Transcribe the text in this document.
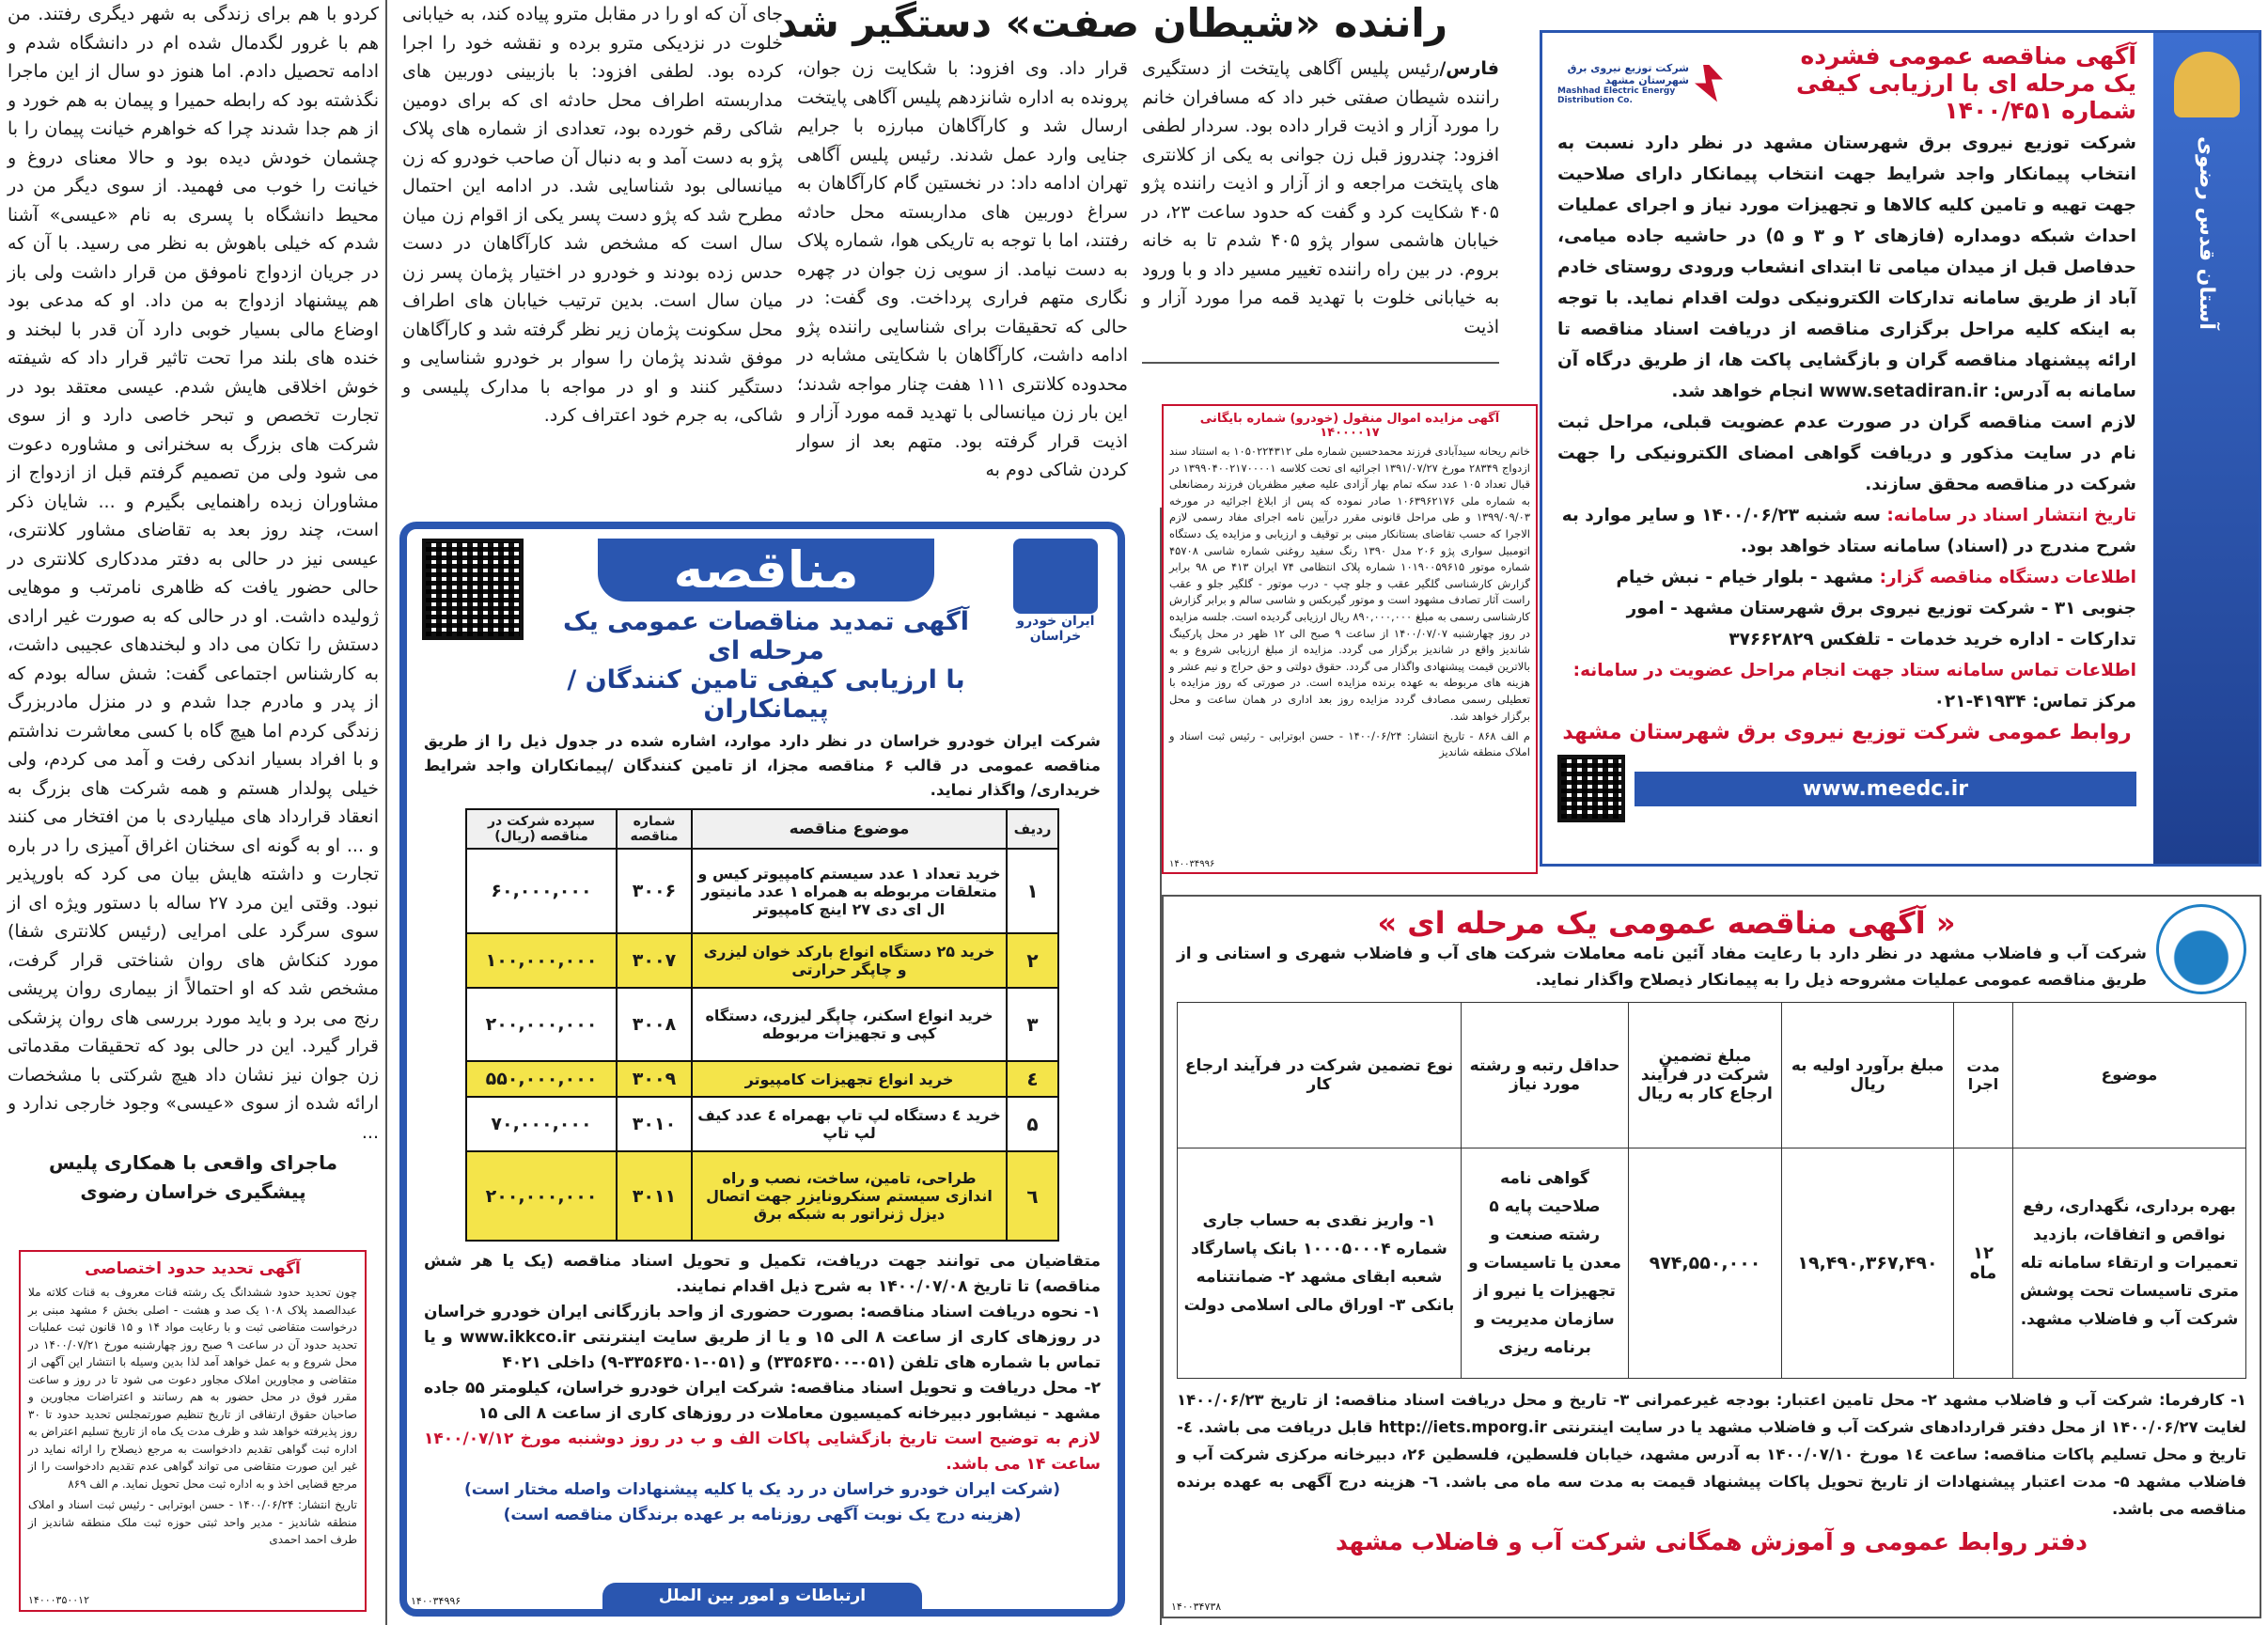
کردو با هم برای زندگی به شهر دیگری رفتند. من هم با غرور لگدمال شده ام در دانشگاه شدم و ادامه تحصیل دادم. اما هنوز دو سال از این ماجرا نگذشته بود که رابطه حمیرا و پیمان به هم خورد و از هم جدا شدند چرا که خواهرم خیانت پیمان را با چشمان خودش دیده بود و حالا معنای دروغ و خیانت را خوب می فهمید. از سوی دیگر من در محیط دانشگاه با پسری به نام «عیسی» آشنا شدم که خیلی باهوش به نظر می رسید. با آن که در جریان ازدواج ناموفق من قرار داشت ولی باز هم پیشنهاد ازدواج به من داد. او که مدعی بود اوضاع مالی بسیار خوبی دارد آن قدر با لبخند و خنده های بلند مرا تحت تاثیر قرار داد که شیفته خوش اخلاقی هایش شدم. عیسی معتقد بود در تجارت تخصص و تبحر خاصی دارد و از سوی شرکت های بزرگ به سخنرانی و مشاوره دعوت می شود ولی من تصمیم گرفتم قبل از ازدواج از مشاوران زبده راهنمایی بگیرم و ... شایان ذکر است، چند روز بعد به تقاضای مشاور کلانتری، عیسی نیز در حالی به دفتر مددکاری کلانتری در حالی حضور یافت که ظاهری نامرتب و موهایی ژولیده داشت. او در حالی که به صورت غیر ارادی دستش را تکان می داد و لبخندهای عجیبی داشت، به کارشناس اجتماعی گفت: شش ساله بودم که از پدر و مادرم جدا شدم و در منزل مادربزرگ زندگی کردم اما هیچ گاه با کسی معاشرت نداشتم و با افراد بسیار اندکی رفت و آمد می کردم، ولی خیلی پولدار هستم و همه شرکت های بزرگ به انعقاد قرارداد های میلیاردی با من افتخار می کنند و ... او به گونه ای سخنان اغراق آمیزی را در باره تجارت و داشته هایش بیان می کرد که باورپذیر نبود. وقتی این مرد ۲۷ ساله با دستور ویژه ای از سوی سرگرد علی امرایی (رئیس کلانتری شفا) مورد کنکاش های روان شناختی قرار گرفت، مشخص شد که او احتمالاً از بیماری روان پریشی رنج می برد و باید مورد بررسی های روان پزشکی قرار گیرد. این در حالی بود که تحقیقات مقدماتی زن جوان نیز نشان داد هیچ شرکتی با مشخصات ارائه شده از سوی «عیسی» وجود خارجی ندارد و ...

ماجرای واقعی با همکاری پلیس پیشگیری خراسان رضوی

آگهی تحدید حدود اختصاصی
چون تحدید حدود ششدانگ یک رشته قنات معروف به قنات کلاته ملا عبدالصمد پلاک ۱۰۸ یک صد و هشت - اصلی بخش ۶ مشهد مبنی بر درخواست متقاضی ثبت و با رعایت مواد ۱۴ و ۱۵ قانون ثبت عملیات تحدید حدود آن در ساعت ۹ صبح روز چهارشنبه مورخ ۱۴۰۰/۰۷/۲۱ در محل شروع و به عمل خواهد آمد لذا بدین وسیله با انتشار این آگهی از متقاضی و مجاورین املاک مجاور دعوت می شود تا در روز و ساعت مقرر فوق در محل حضور به هم رسانند و اعتراضات مجاورین و صاحبان حقوق ارتفاقی از تاریخ تنظیم صورتمجلس تحدید حدود تا ۳۰ روز پذیرفته خواهد شد و ظرف مدت یک ماه از تاریخ تسلیم اعتراض به اداره ثبت گواهی تقدیم دادخواست به مرجع ذیصلاح را ارائه نماید در غیر این صورت متقاضی می تواند گواهی عدم تقدیم دادخواست را از مرجع قضایی اخذ و به اداره ثبت محل تحویل نماید. م الف ۸۶۹
تاریخ انتشار: ۱۴۰۰/۰۶/۲۴ - حسن ابوترابی - رئیس ثبت اسناد و املاک منطقه شاندیز - مدیر واحد ثبتی حوزه ثبت ملک منطقه شاندیز از طرف احمد احمدی
۱۴۰۰۰۳۵۰۰۱۲
راننده «شیطان صفت» دستگیر شد
فارس/رئیس پلیس آگاهی پایتخت از دستگیری راننده شیطان صفتی خبر داد که مسافران خانم را مورد آزار و اذیت قرار داده بود. سردار لطفی افزود: چندروز قبل زن جوانی به یکی از کلانتری های پایتخت مراجعه و از آزار و اذیت راننده پژو ۴۰۵ شکایت کرد و گفت که حدود ساعت ۲۳، در خیابان هاشمی سوار پژو ۴۰۵ شدم تا به خانه بروم. در بین راه راننده تغییر مسیر داد و با ورود به خیابانی خلوت با تهدید قمه مرا مورد آزار و اذیت
قرار داد. وی افزود: با شکایت زن جوان، پرونده به اداره شانزدهم پلیس آگاهی پایتخت ارسال شد و کارآگاهان مبارزه با جرایم جنایی وارد عمل شدند. رئیس پلیس آگاهی تهران ادامه داد: در نخستین گام کارآگاهان به سراغ دوربین های مداربسته محل حادثه رفتند، اما با توجه به تاریکی هوا، شماره پلاک به دست نیامد. از سویی زن جوان در چهره نگاری متهم فراری پرداخت. وی گفت: در حالی که تحقیقات برای شناسایی راننده پژو ادامه داشت، کارآگاهان با شکایتی مشابه در محدوده کلانتری ۱۱۱ هفت چنار مواجه شدند؛ این بار زن میانسالی با تهدید قمه مورد آزار و اذیت قرار گرفته بود. متهم بعد از سوار کردن شاکی دوم به
جای آن که او را در مقابل مترو پیاده کند، به خیابانی خلوت در نزدیکی مترو برده و نقشه خود را اجرا کرده بود. لطفی افزود: با بازبینی دوربین های مداربسته اطراف محل حادثه ای که برای دومین شاکی رقم خورده بود، تعدادی از شماره های پلاک پژو به دست آمد و به دنبال آن صاحب خودرو که زن میانسالی بود شناسایی شد. در ادامه این احتمال مطرح شد که پژو دست پسر یکی از اقوام زن میان سال است که مشخص شد کارآگاهان در دست حدس زده بودند و خودرو در اختیار پژمان پسر زن میان سال است. بدین ترتیب خیابان های اطراف محل سکونت پژمان زیر نظر گرفته شد و کارآگاهان موفق شدند پژمان را سوار بر خودرو شناسایی و دستگیر کنند و او در مواجه با مدارک پلیسی و شاکی، به جرم خود اعتراف کرد.
آستان قدس رضوی
آگهی مناقصه عمومی فشرده
یک مرحله ای با ارزیابی کیفی شماره ۱۴۰۰/۴۵۱
شرکت توزیع نیروی برق شهرستان مشهد
Mashhad Electric Energy Distribution Co.
شرکت توزیع نیروی برق شهرستان مشهد در نظر دارد نسبت به انتخاب پیمانکار واجد شرایط جهت انتخاب پیمانکار دارای صلاحیت جهت تهیه و تامین کلیه کالاها و تجهیزات مورد نیاز و اجرای عملیات احداث شبکه دومداره (فازهای ۲ و ۳ و ۵) در حاشیه جاده میامی، حدفاصل قبل از میدان میامی تا ابتدای انشعاب ورودی روستای خادم آباد از طریق سامانه تدارکات الکترونیکی دولت اقدام نماید. با توجه به اینکه کلیه مراحل برگزاری مناقصه از دریافت اسناد مناقصه تا ارائه پیشنهاد مناقصه گران و بازگشایی پاکت ها، از طریق درگاه آن سامانه به آدرس: www.setadiran.ir انجام خواهد شد.
لازم است مناقصه گران در صورت عدم عضویت قبلی، مراحل ثبت نام در سایت مذکور و دریافت گواهی امضای الکترونیکی را جهت شرکت در مناقصه محقق سازند.
تاریخ انتشار اسناد در سامانه: سه شنبه ۱۴۰۰/۰۶/۲۳ و سایر موارد به شرح مندرج در (اسناد) سامانه ستاد خواهد بود.
اطلاعات دستگاه مناقصه گزار: مشهد - بلوار خیام - نبش خیام جنوبی ۳۱ - شرکت توزیع نیروی برق شهرستان مشهد - امور تدارکات - اداره خرید خدمات - تلفکس ۳۷۶۶۲۸۲۹
اطلاعات تماس سامانه ستاد جهت انجام مراحل عضویت در سامانه:
مرکز تماس: ۴۱۹۳۴-۰۲۱
روابط عمومی شرکت توزیع نیروی برق شهرستان مشهد
www.meedc.ir
آگهی مزایده اموال منقول (خودرو) شماره بایگانی ۱۴۰۰۰۰۱۷
خانم ریحانه سیدآبادی فرزند محمدحسین شماره ملی ۱۰۵۰۲۲۴۳۱۲ به استناد سند ازدواج ۲۸۳۴۹ مورخ ۱۳۹۱/۰۷/۲۷ اجرائیه ای تحت کلاسه ۱۳۹۹۰۴۰۰۲۱۷۰۰۰۰۱ در قبال تعداد ۱۰۵ عدد سکه تمام بهار آزادی علیه صغیر مظفریان فرزند رمضانعلی به شماره ملی ۱۰۶۳۹۶۲۱۷۶ صادر نموده که پس از ابلاغ اجرائیه در مورخه ۱۳۹۹/۰۹/۰۳ و طی مراحل قانونی مقرر درآیین نامه اجرای مفاد رسمی لازم الاجرا که حسب تقاضای بستانکار مبنی بر توقیف و ارزیابی و مزایده یک دستگاه اتومبیل سواری پژو ۲۰۶ مدل ۱۳۹۰ رنگ سفید روغنی شماره شاسی ۴۵۷۰۸ شماره موتور ۱۰۱۹۰۰۵۹۶۱۵ شماره پلاک انتظامی ۷۴ ایران ۴۱۳ ص ۹۸ برابر گزارش کارشناسی گلگیر عقب و جلو چپ - درب موتور - گلگیر جلو و عقب راست آثار تصادف مشهود است و موتور گیربکس و شاسی سالم و برابر گزارش کارشناسی رسمی به مبلغ ۸۹۰,۰۰۰,۰۰۰ ریال ارزیابی گردیده است. جلسه مزایده در روز چهارشنبه ۱۴۰۰/۰۷/۰۷ از ساعت ۹ صبح الی ۱۲ ظهر در محل پارکینگ شاندیز واقع در شاندیز برگزار می گردد. مزایده از مبلغ ارزیابی شروع و به بالاترین قیمت پیشنهادی واگذار می گردد. حقوق دولتی و حق حراج و نیم عشر و هزینه های مربوطه به عهده برنده مزایده است. در صورتی که روز مزایده با تعطیلی رسمی مصادف گردد مزایده روز بعد اداری در همان ساعت و محل برگزار خواهد شد.
م الف ۸۶۸ - تاریخ انتشار: ۱۴۰۰/۰۶/۲۴ - حسن ابوترابی - رئیس ثبت اسناد و املاک منطقه شاندیز
۱۴۰۰۳۴۹۹۶
ایران خودرو خراسان
مناقصه
آگهی تمدید مناقصات عمومی یک مرحله ای
با ارزیابی کیفی تامین کنندگان / پیمانکاران
شرکت ایران خودرو خراسان در نظر دارد موارد، اشاره شده در جدول ذیل را از طریق مناقصه عمومی در قالب ۶ مناقصه مجزا، از تامین کنندگان /پیمانکاران واجد شرایط خریداری/ واگذار نماید.
ردیف	موضوع مناقصه	شماره مناقصه	سپرده شرکت در مناقصه (ریال)
۱	خرید تعداد ۱ عدد سیستم کامپیوتر کیس و متعلقات مربوطه به همراه ۱ عدد مانیتور ال ای دی ۲۷ اینچ کامپیوتر	۳۰۰۶	۶۰,۰۰۰,۰۰۰
۲	خرید ۲۵ دستگاه انواع بارکد خوان لیزری و چاپگر حرارتی	۳۰۰۷	۱۰۰,۰۰۰,۰۰۰
۳	خرید انواع اسکنر، چاپگر لیزری، دستگاه کپی و تجهیزات مربوطه	۳۰۰۸	۲۰۰,۰۰۰,۰۰۰
٤	خرید انواع تجهیزات کامپیوتر	۳۰۰۹	۵۵۰,۰۰۰,۰۰۰
۵	خرید ٤ دستگاه لپ تاپ بهمراه ٤ عدد کیف لپ تاپ	۳۰۱۰	۷۰,۰۰۰,۰۰۰
٦	طراحی، تامین، ساخت، نصب و راه اندازی سیستم سنکرونایزر جهت اتصال دیزل ژنراتور به شبکه برق	۳۰۱۱	۲۰۰,۰۰۰,۰۰۰
متقاضیان می توانند جهت دریافت، تکمیل و تحویل اسناد مناقصه (یک یا هر شش مناقصه) تا تاریخ ۱۴۰۰/۰۷/۰۸ به شرح ذیل اقدام نمایند.
۱- نحوه دریافت اسناد مناقصه: بصورت حضوری از واحد بازرگانی ایران خودرو خراسان در روزهای کاری از ساعت ۸ الی ۱۵ و یا از طریق سایت اینترنتی www.ikkco.ir و یا تماس با شماره های تلفن (۰۵۱-۳۳۵۶۳۵۰۰) و (۰۵۱-۳۳۵۶۳۵۰۱-۹) داخلی ۴۰۲۱
۲- محل دریافت و تحویل اسناد مناقصه: شرکت ایران خودرو خراسان، کیلومتر ۵۵ جاده مشهد - نیشابور دبیرخانه کمیسیون معاملات در روزهای کاری از ساعت ۸ الی ۱۵
لازم به توضیح است تاریخ بازگشایی پاکات الف و ب در روز دوشنبه مورخ ۱۴۰۰/۰۷/۱۲ ساعت ۱۴ می باشد.
(شرکت ایران خودرو خراسان در رد یک یا کلیه پیشنهادات واصله مختار است)
(هزینه درج یک نوبت آگهی روزنامه بر عهده برندگان مناقصه است)
ارتباطات و امور بین الملل
۱۴۰۰۳۴۹۹۶
« آگهی مناقصه عمومی یک مرحله ای »
شرکت آب و فاضلاب مشهد در نظر دارد با رعایت مفاد آئین نامه معاملات شرکت های آب و فاضلاب شهری و استانی و از طریق مناقصه عمومی عملیات مشروحه ذیل را به پیمانکار ذیصلاح واگذار نماید.
موضوع	مدت اجرا	مبلغ برآورد اولیه به ریال	مبلغ تضمین شرکت در فرآیند ارجاع کار به ریال	حداقل رتبه و رشته مورد نیاز	نوع تضمین شرکت در فرآیند ارجاع کار
بهره برداری، نگهداری، رفع نواقص و اتفاقات، بازدید تعمیرات و ارتقاء سامانه تله متری تاسیسات تحت پوشش شرکت آب و فاضلاب مشهد.	۱۲ ماه	۱۹,۴۹۰,۳۶۷,۴۹۰	۹۷۴,۵۵۰,۰۰۰	گواهی نامه صلاحیت پایه ۵ رشته صنعت و معدن یا تاسیسات و تجهیزات یا نیرو از سازمان مدیریت و برنامه ریزی	۱- واریز نقدی به حساب جاری شماره ۱۰۰۰۵۰۰۰۴ بانک پاسارگاد شعبه ابقای مشهد ۲- ضمانتنامه بانکی ۳- اوراق مالی اسلامی دولت
۱- کارفرما: شرکت آب و فاضلاب مشهد ۲- محل تامین اعتبار: بودجه غیرعمرانی ۳- تاریخ و محل دریافت اسناد مناقصه: از تاریخ ۱۴۰۰/۰۶/۲۳ لغایت ۱۴۰۰/۰۶/۲۷ از محل دفتر قراردادهای شرکت آب و فاضلاب مشهد یا در سایت اینترنتی http://iets.mporg.ir قابل دریافت می باشد. ٤- تاریخ و محل تسلیم پاکات مناقصه: ساعت ۱٤ مورخ ۱۴۰۰/۰۷/۱۰ به آدرس مشهد، خیابان فلسطین، فلسطین ۲۶، دبیرخانه مرکزی شرکت آب و فاضلاب مشهد ۵- مدت اعتبار پیشنهادات از تاریخ تحویل پاکات پیشنهاد قیمت به مدت سه ماه می باشد. ٦- هزینه درج آگهی به عهده برنده مناقصه می باشد.
دفتر روابط عمومی و آموزش همگانی شرکت آب و فاضلاب مشهد
۱۴۰۰۳۴۷۳۸
